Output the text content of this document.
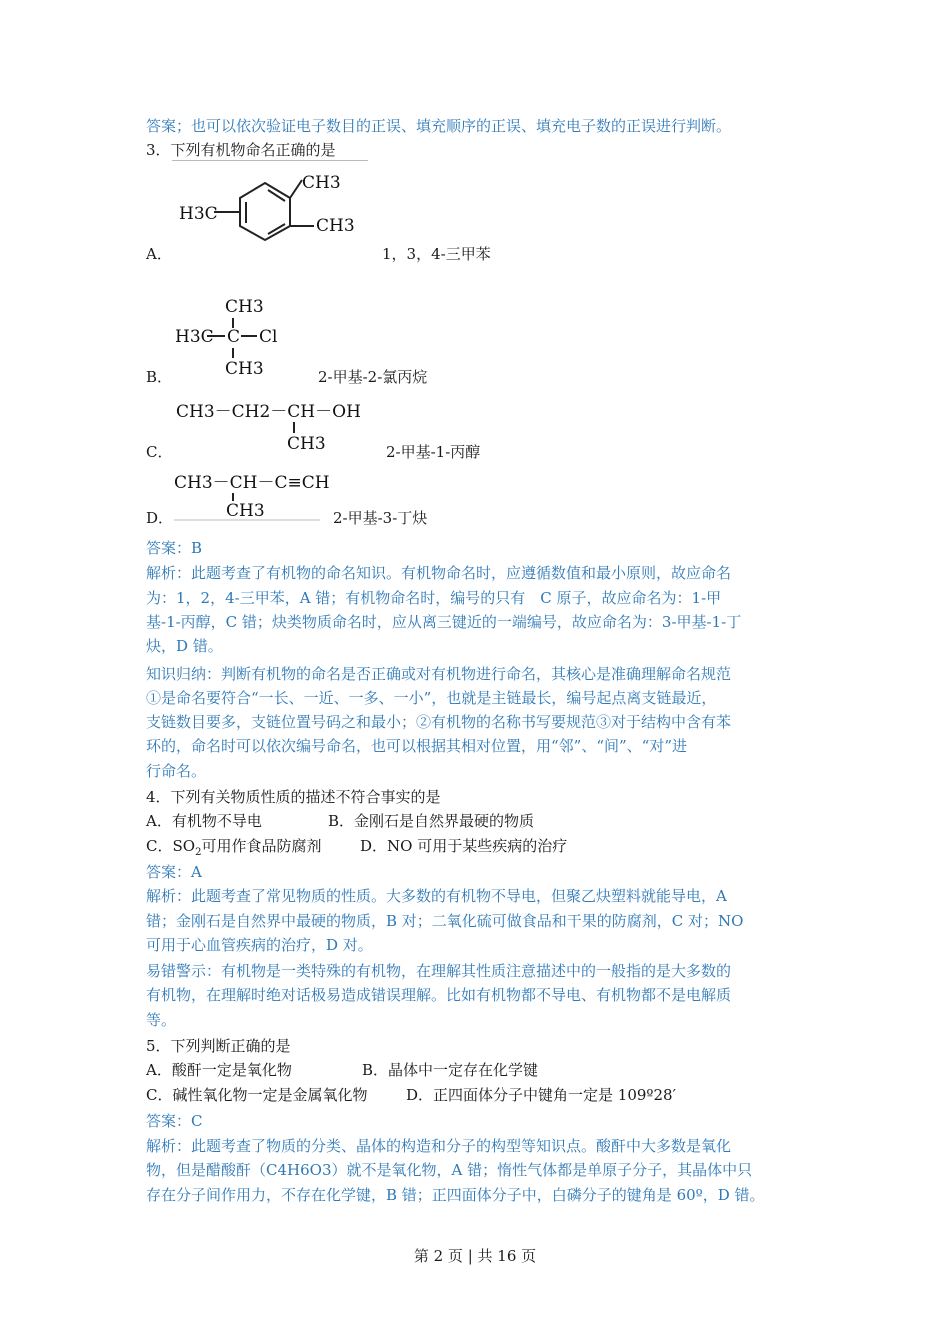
答案；也可以依次验证电子数目的正误、填充顺序的正误、填充电子数的正误进行判断。
3．下列有机物命名正确的是
CH3
H3C
CH3
A．	1，3，4-三甲苯
CH3
H3C C Cl
CH3
B．	2-甲基-2-氯丙烷
CH3－CH2－CH－OH
CH3
C．	2-甲基-1-丙醇
CH3－CH－C≡CH
CH3
D．	2-甲基-3-丁炔
答案：B
解析：此题考查了有机物的命名知识。有机物命名时，应遵循数值和最小原则，故应命名
为：1，2，4-三甲苯，A 错；有机物命名时，编号的只有　C 原子，故应命名为：1-甲
基-1-丙醇，C 错；炔类物质命名时，应从离三键近的一端编号，故应命名为：3-甲基-1-丁
炔，D 错。
知识归纳：判断有机物的命名是否正确或对有机物进行命名，其核心是准确理解命名规范
①是命名要符合“一长、一近、一多、一小”，也就是主链最长，编号起点离支链最近，
支链数目要多，支链位置号码之和最小；②有机物的名称书写要规范③对于结构中含有苯
环的，命名时可以依次编号命名，也可以根据其相对位置，用“邻”、“间”、“对”进
行命名。
4．下列有关物质性质的描述不符合事实的是
A．有机物不导电	B．金刚石是自然界最硬的物质
C．$SO_2$可用作食品防腐剂	D．NO 可用于某些疾病的治疗
答案：A
解析：此题考查了常见物质的性质。大多数的有机物不导电，但聚乙炔塑料就能导电，A
错；金刚石是自然界中最硬的物质，B 对；二氧化硫可做食品和干果的防腐剂，C 对；NO
可用于心血管疾病的治疗，D 对。
易错警示：有机物是一类特殊的有机物，在理解其性质注意描述中的一般指的是大多数的
有机物，在理解时绝对话极易造成错误理解。比如有机物都不导电、有机物都不是电解质
等。
5．下列判断正确的是
A．酸酐一定是氧化物	B．晶体中一定存在化学键
C．碱性氧化物一定是金属氧化物	D．正四面体分子中键角一定是 109º28′
答案：C
解析：此题考查了物质的分类、晶体的构造和分子的构型等知识点。酸酐中大多数是氧化
物，但是醋酸酐（C4H6O3）就不是氧化物，A 错；惰性气体都是单原子分子，其晶体中只
存在分子间作用力，不存在化学键，B 错；正四面体分子中，白磷分子的键角是 60º，D 错。
第 2 页 | 共 16 页
